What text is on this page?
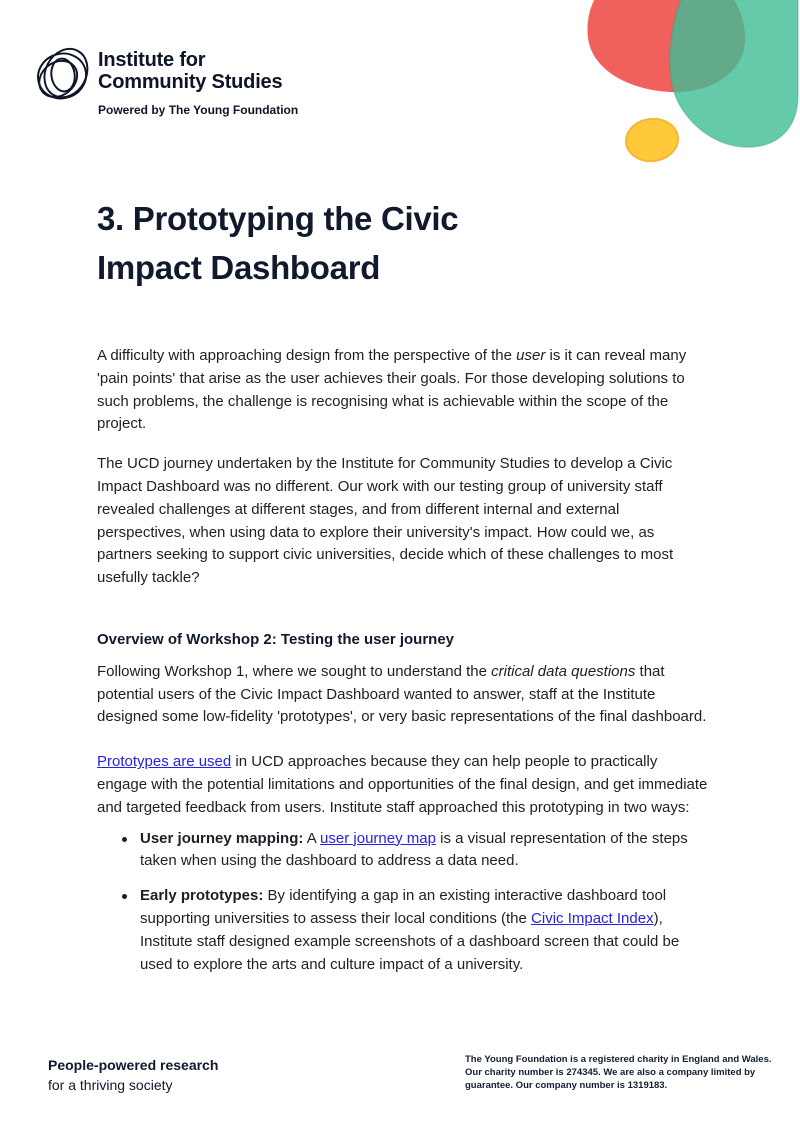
Institute for
Community Studies
Powered by The Young Foundation
3. Prototyping the Civic
Impact Dashboard

A difficulty with approaching design from the perspective of the user is it can reveal many 'pain points' that arise as the user achieves their goals. For those developing solutions to such problems, the challenge is recognising what is achievable within the scope of the project.

The UCD journey undertaken by the Institute for Community Studies to develop a Civic Impact Dashboard was no different. Our work with our testing group of university staff revealed challenges at different stages, and from different internal and external perspectives, when using data to explore their university's impact. How could we, as partners seeking to support civic universities, decide which of these challenges to most usefully tackle?

Overview of Workshop 2: Testing the user journey

Following Workshop 1, where we sought to understand the critical data questions that potential users of the Civic Impact Dashboard wanted to answer, staff at the Institute designed some low-fidelity 'prototypes', or very basic representations of the final dashboard.

Prototypes are used in UCD approaches because they can help people to practically engage with the potential limitations and opportunities of the final design, and get immediate and targeted feedback from users. Institute staff approached this prototyping in two ways:

User journey mapping: A user journey map is a visual representation of the steps taken when using the dashboard to address a data need.
Early prototypes: By identifying a gap in an existing interactive dashboard tool supporting universities to assess their local conditions (the Civic Impact Index), Institute staff designed example screenshots of a dashboard screen that could be used to explore the arts and culture impact of a university.
People-powered research
for a thriving society
The Young Foundation is a registered charity in England and Wales.
Our charity number is 274345. We are also a company limited by
guarantee. Our company number is 1319183.
